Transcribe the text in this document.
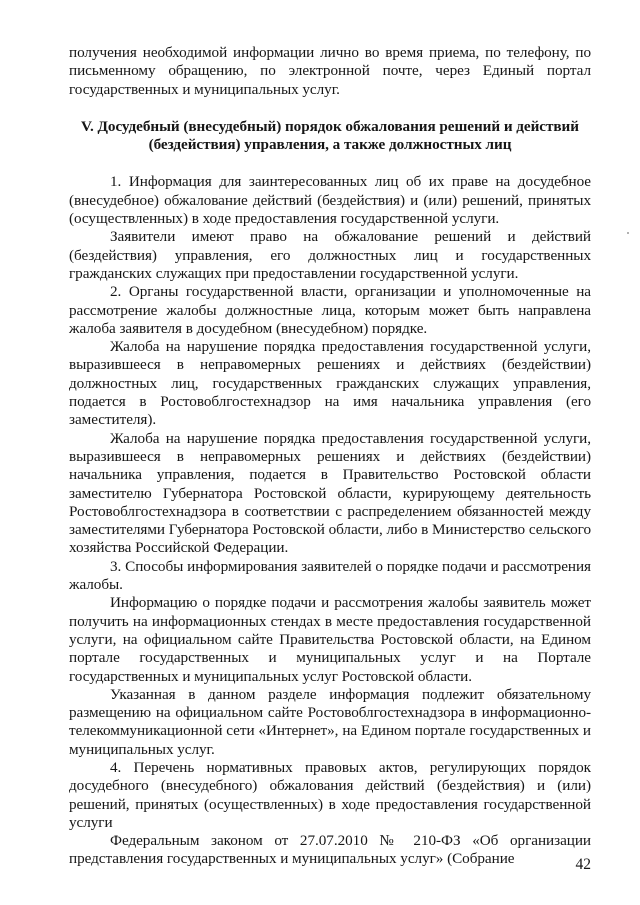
получения необходимой информации лично во время приема, по телефону, по письменному обращению, по электронной почте, через Единый портал государственных и муниципальных услуг.

V. Досудебный (внесудебный) порядок обжалования решений и действий (бездействия) управления, а также должностных лиц

1. Информация для заинтересованных лиц об их праве на досудебное (внесудебное) обжалование действий (бездействия) и (или) решений, принятых (осуществленных) в ходе предоставления государственной услуги.

Заявители имеют право на обжалование решений и действий (бездействия) управления, его должностных лиц и государственных гражданских служащих при предоставлении государственной услуги.

2. Органы государственной власти, организации и уполномоченные на рассмотрение жалобы должностные лица, которым может быть направлена жалоба заявителя в досудебном (внесудебном) порядке.

Жалоба на нарушение порядка предоставления государственной услуги, выразившееся в неправомерных решениях и действиях (бездействии) должностных лиц, государственных гражданских служащих управления, подается в Ростовоблгостехнадзор на имя начальника управления (его заместителя).

Жалоба на нарушение порядка предоставления государственной услуги, выразившееся в неправомерных решениях и действиях (бездействии) начальника управления, подается в Правительство Ростовской области заместителю Губернатора Ростовской области, курирующему деятельность Ростовоблгостехнадзора в соответствии с распределением обязанностей между заместителями Губернатора Ростовской области, либо в Министерство сельского хозяйства Российской Федерации.

3. Способы информирования заявителей о порядке подачи и рассмотрения жалобы.

Информацию о порядке подачи и рассмотрения жалобы заявитель может получить на информационных стендах в месте предоставления государственной услуги, на официальном сайте Правительства Ростовской области, на Едином портале государственных и муниципальных услуг и на Портале государственных и муниципальных услуг Ростовской области.

Указанная в данном разделе информация подлежит обязательному размещению на официальном сайте Ростовоблгостехнадзора в информационно-телекоммуникационной сети «Интернет», на Едином портале государственных и муниципальных услуг.

4. Перечень нормативных правовых актов, регулирующих порядок досудебного (внесудебного) обжалования действий (бездействия) и (или) решений, принятых (осуществленных) в ходе предоставления государственной услуги

Федеральным законом от 27.07.2010 № 210-ФЗ «Об организации представления государственных и муниципальных услуг» (Собрание	42
